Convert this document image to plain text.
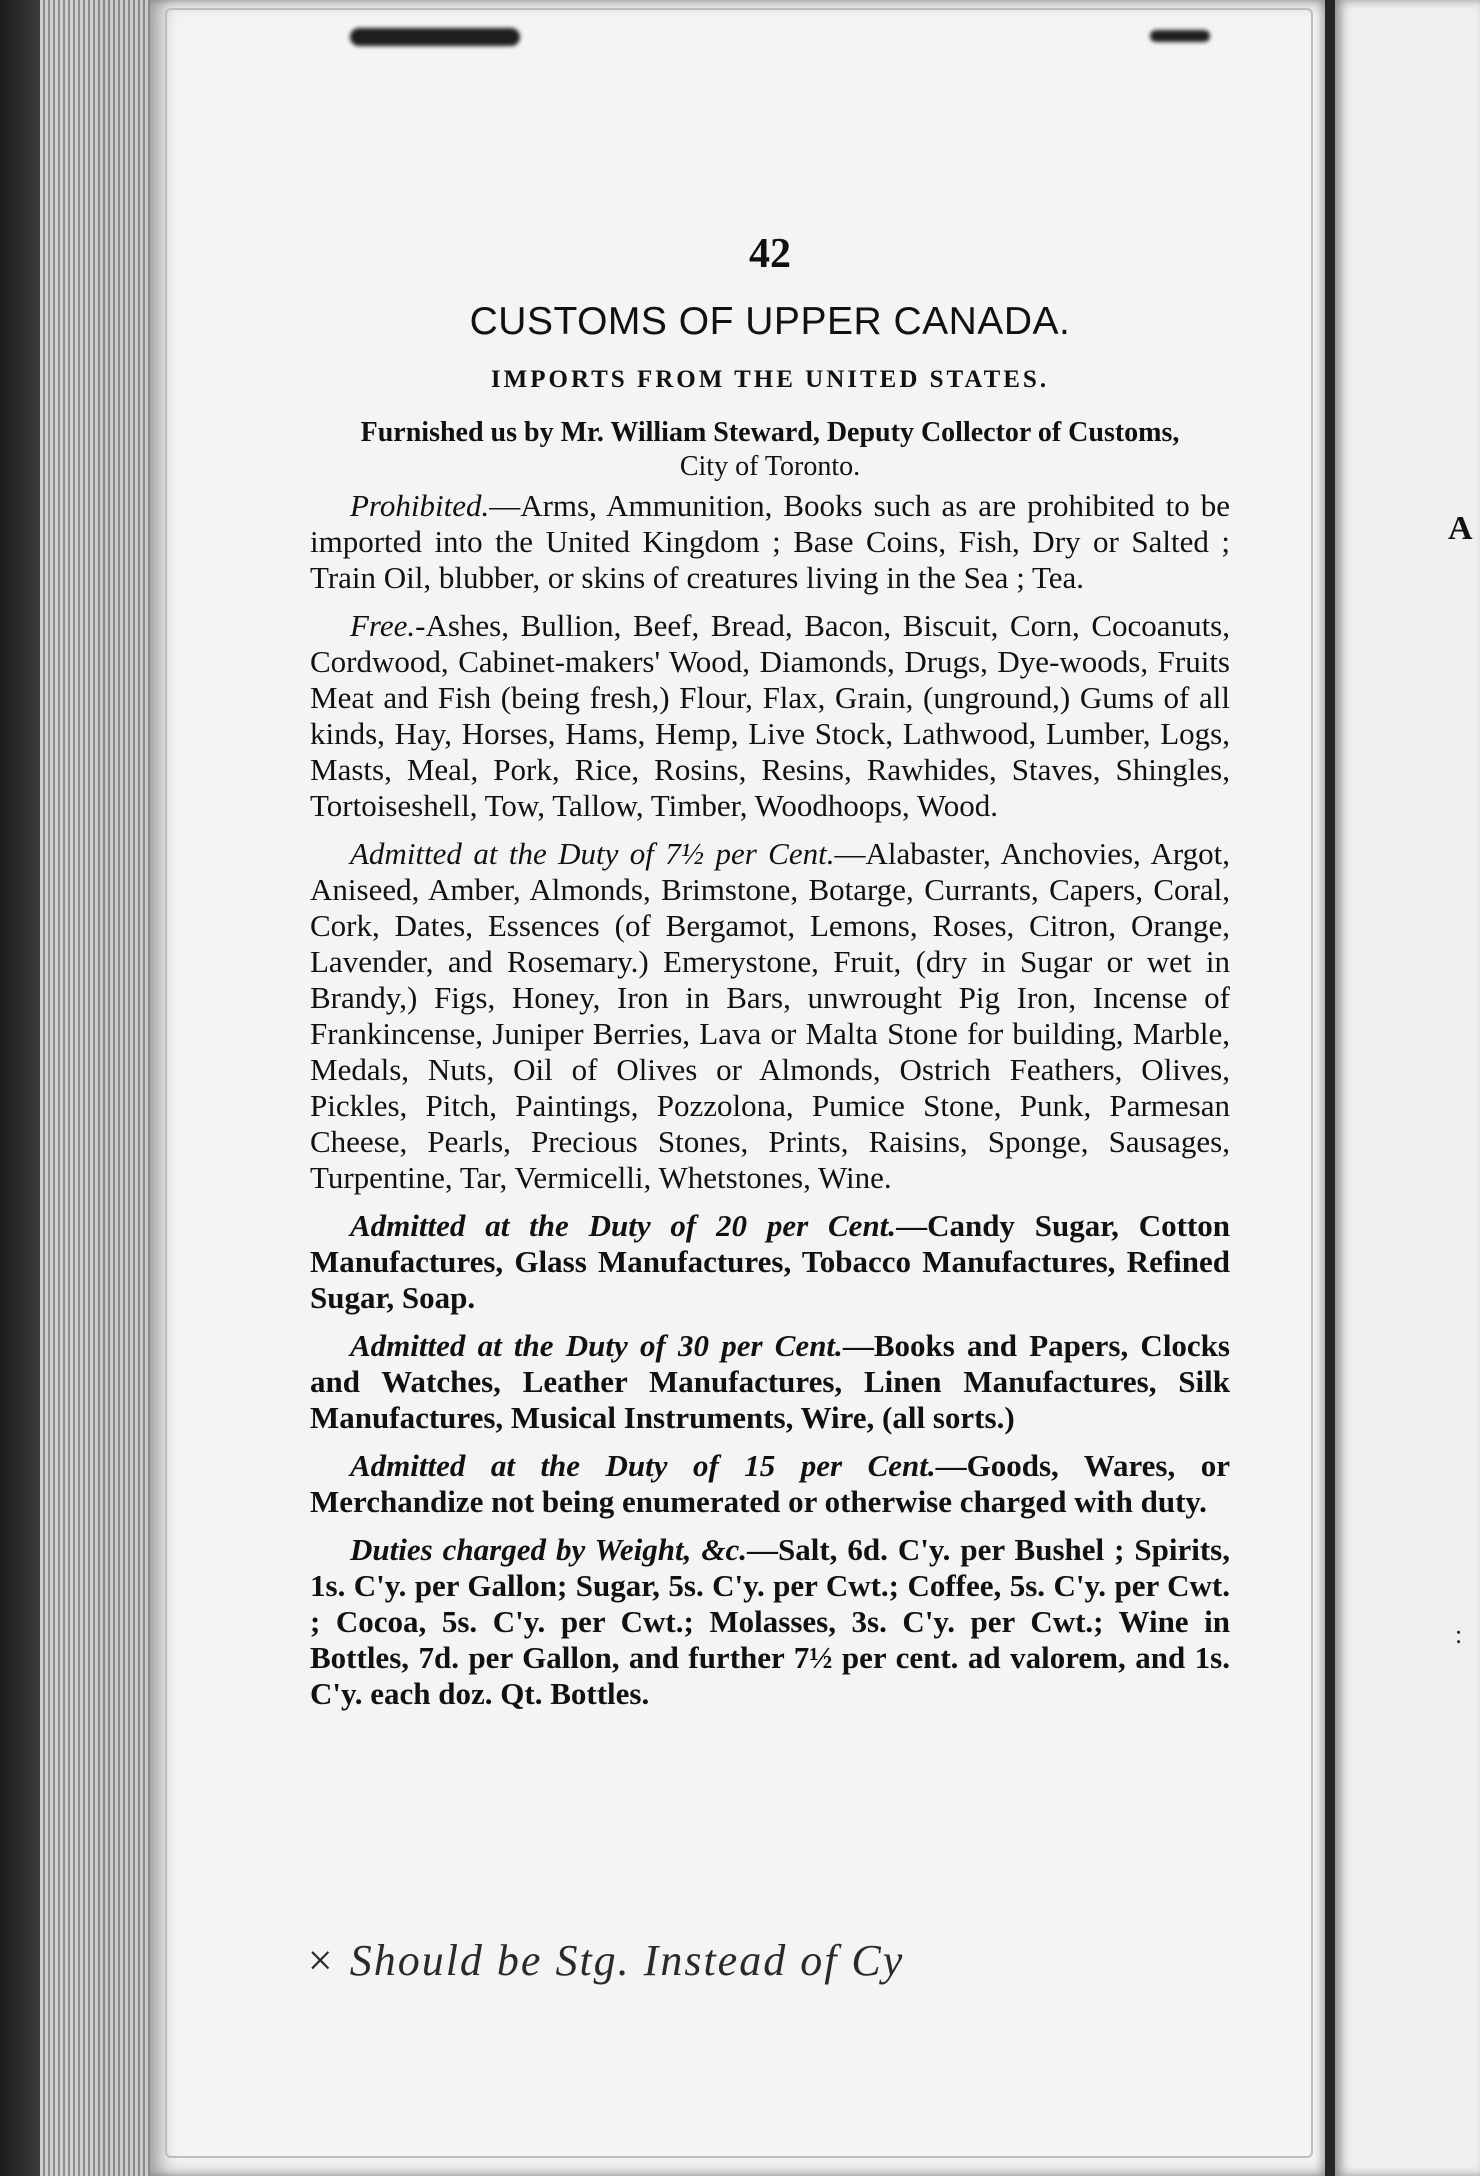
A
:
42
CUSTOMS OF UPPER CANADA.
IMPORTS FROM THE UNITED STATES.
Furnished us by Mr. William Steward, Deputy Collector of Customs,
City of Toronto.

Prohibited.—Arms, Ammunition, Books such as are prohibited to be imported into the United Kingdom ; Base Coins, Fish, Dry or Salted ; Train Oil, blubber, or skins of creatures living in the Sea ; Tea.

Free.-Ashes, Bullion, Beef, Bread, Bacon, Biscuit, Corn, Cocoanuts, Cordwood, Cabinet-makers' Wood, Diamonds, Drugs, Dye-woods, Fruits Meat and Fish (being fresh,) Flour, Flax, Grain, (unground,) Gums of all kinds, Hay, Horses, Hams, Hemp, Live Stock, Lathwood, Lumber, Logs, Masts, Meal, Pork, Rice, Rosins, Resins, Rawhides, Staves, Shingles, Tortoiseshell, Tow, Tallow, Timber, Woodhoops, Wood.

Admitted at the Duty of 7½ per Cent.—Alabaster, Anchovies, Argot, Aniseed, Amber, Almonds, Brimstone, Botarge, Currants, Capers, Coral, Cork, Dates, Essences (of Bergamot, Lemons, Roses, Citron, Orange, Lavender, and Rosemary.) Emerystone, Fruit, (dry in Sugar or wet in Brandy,) Figs, Honey, Iron in Bars, unwrought Pig Iron, Incense of Frankincense, Juniper Berries, Lava or Malta Stone for building, Marble, Medals, Nuts, Oil of Olives or Almonds, Ostrich Feathers, Olives, Pickles, Pitch, Paintings, Pozzolona, Pumice Stone, Punk, Parmesan Cheese, Pearls, Precious Stones, Prints, Raisins, Sponge, Sausages, Turpentine, Tar, Vermicelli, Whetstones, Wine.

Admitted at the Duty of 20 per Cent.—Candy Sugar, Cotton Manufactures, Glass Manufactures, Tobacco Manufactures, Refined Sugar, Soap.

Admitted at the Duty of 30 per Cent.—Books and Papers, Clocks and Watches, Leather Manufactures, Linen Manufactures, Silk Manufactures, Musical Instruments, Wire, (all sorts.)

Admitted at the Duty of 15 per Cent.—Goods, Wares, or Merchandize not being enumerated or otherwise charged with duty.

Duties charged by Weight, &c.—Salt, 6d. C'y. per Bushel ; Spirits, 1s. C'y. per Gallon; Sugar, 5s. C'y. per Cwt.; Coffee, 5s. C'y. per Cwt. ; Cocoa, 5s. C'y. per Cwt.; Molasses, 3s. C'y. per Cwt.; Wine in Bottles, 7d. per Gallon, and further 7½ per cent. ad valorem, and 1s. C'y. each doz. Qt. Bottles.

× Should be Stg. Instead of Cy
